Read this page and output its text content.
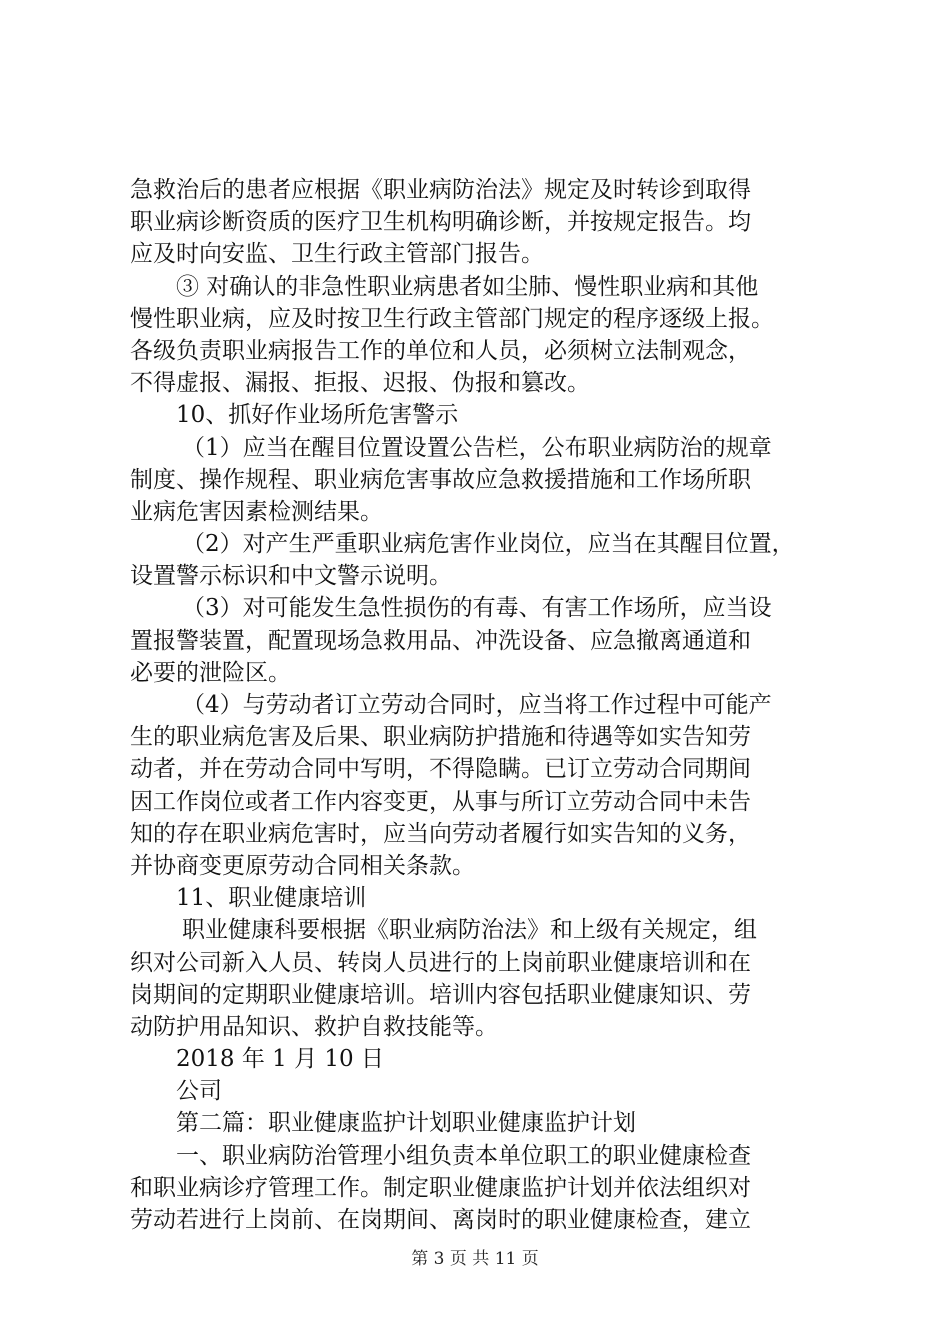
急救治后的患者应根据《职业病防治法》规定及时转诊到取得
职业病诊断资质的医疗卫生机构明确诊断，并按规定报告。均
应及时向安监、卫生行政主管部门报告。
③ 对确认的非急性职业病患者如尘肺、慢性职业病和其他
慢性职业病，应及时按卫生行政主管部门规定的程序逐级上报。
各级负责职业病报告工作的单位和人员，必须树立法制观念，
不得虚报、漏报、拒报、迟报、伪报和篡改。
10、抓好作业场所危害警示
（1）应当在醒目位置设置公告栏，公布职业病防治的规章
制度、操作规程、职业病危害事故应急救援措施和工作场所职
业病危害因素检测结果。
（2）对产生严重职业病危害作业岗位，应当在其醒目位置，
设置警示标识和中文警示说明。
（3）对可能发生急性损伤的有毒、有害工作场所，应当设
置报警装置，配置现场急救用品、冲洗设备、应急撤离通道和
必要的泄险区。
（4）与劳动者订立劳动合同时，应当将工作过程中可能产
生的职业病危害及后果、职业病防护措施和待遇等如实告知劳
动者，并在劳动合同中写明，不得隐瞒。已订立劳动合同期间
因工作岗位或者工作内容变更，从事与所订立劳动合同中未告
知的存在职业病危害时，应当向劳动者履行如实告知的义务，
并协商变更原劳动合同相关条款。
11、职业健康培训
职业健康科要根据《职业病防治法》和上级有关规定，组
织对公司新入人员、转岗人员进行的上岗前职业健康培训和在
岗期间的定期职业健康培训。培训内容包括职业健康知识、劳
动防护用品知识、救护自救技能等。
2018 年 1 月 10 日
公司
第二篇：职业健康监护计划职业健康监护计划
一、职业病防治管理小组负责本单位职工的职业健康检查
和职业病诊疗管理工作。制定职业健康监护计划并依法组织对
劳动若进行上岗前、在岗期间、离岗时的职业健康检查，建立
第 3 页 共 11 页
